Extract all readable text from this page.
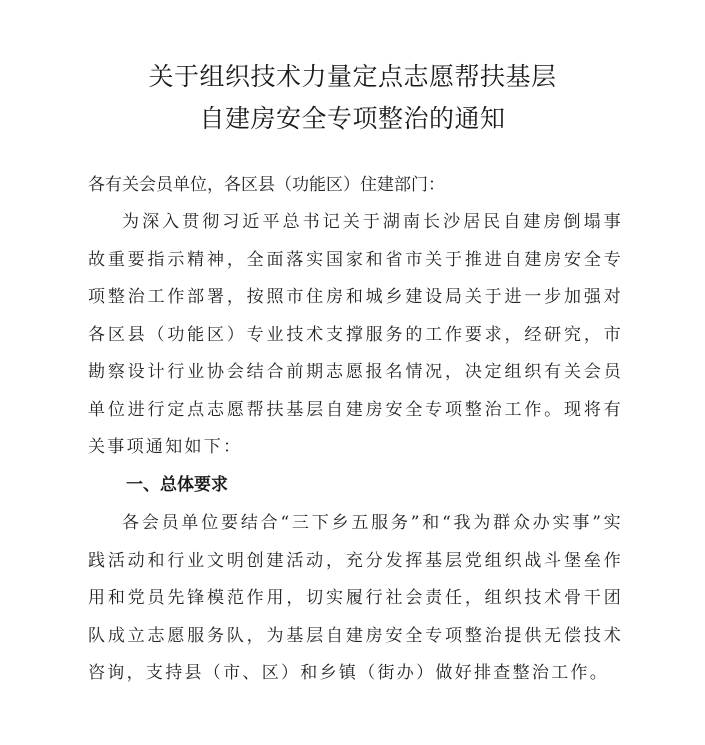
关于组织技术力量定点志愿帮扶基层
自建房安全专项整治的通知
各有关会员单位，各区县（功能区）住建部门：
为深入贯彻习近平总书记关于湖南长沙居民自建房倒塌事故重要指示精神，全面落实国家和省市关于推进自建房安全专项整治工作部署，按照市住房和城乡建设局关于进一步加强对各区县（功能区）专业技术支撑服务的工作要求，经研究，市勘察设计行业协会结合前期志愿报名情况，决定组织有关会员单位进行定点志愿帮扶基层自建房安全专项整治工作。现将有关事项通知如下：
一、总体要求
各会员单位要结合“三下乡五服务”和“我为群众办实事”实践活动和行业文明创建活动，充分发挥基层党组织战斗堡垒作用和党员先锋模范作用，切实履行社会责任，组织技术骨干团队成立志愿服务队，为基层自建房安全专项整治提供无偿技术咨询，支持县（市、区）和乡镇（街办）做好排查整治工作。
